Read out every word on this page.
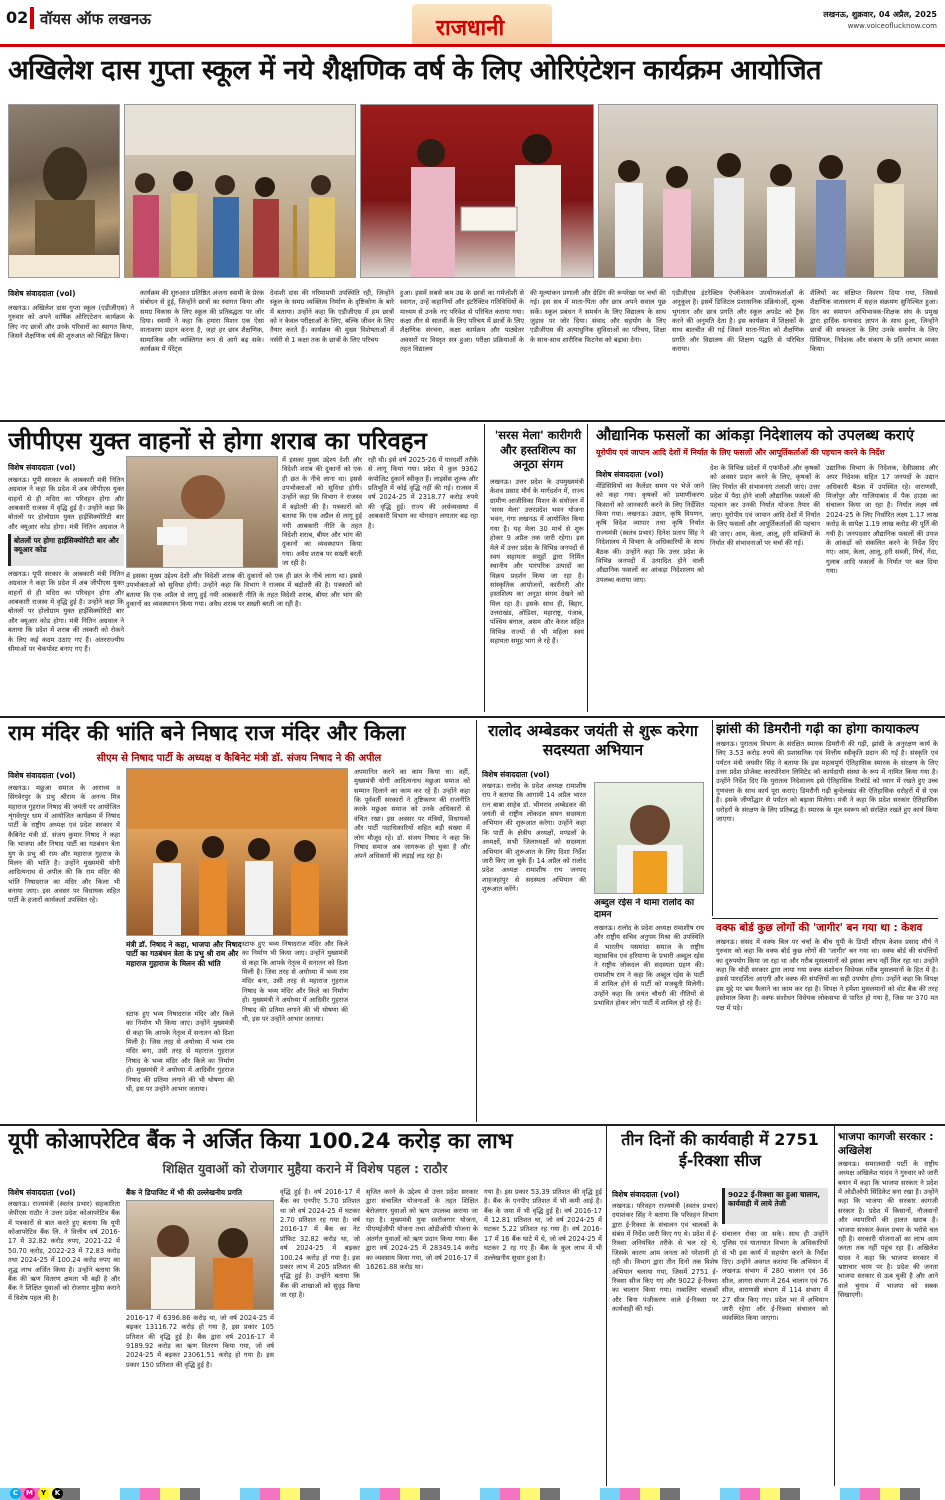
02 वॉयस ऑफ लखनऊ	राजधानी
लखनऊ, शुक्रवार, 04 अप्रैल, 2025
www.voiceoflucknow.com
अखिलेश दास गुप्ता स्कूल में नये शैक्षणिक वर्ष के लिए ओरिएंटेशन कार्यक्रम आयोजित
विशेष संवाददाता (vol)
लखनऊ। अखिलेश दास गुप्ता स्कूल (एडीजीएस) ने गुरुवार को अपने वार्षिक ओरिएंटेशन कार्यक्रम के लिए नए छात्रों और उनके परिवारों का स्वागत किया, जिसने शैक्षणिक वर्ष की शुरुआत को चिह्नित किया।
कार्यक्रम की शुरुआत प्रतिष्ठित अंजना स्वामी के प्रेरक संबोधन से हुई, जिन्होंने छात्रों का स्वागत किया और समग्र विकास के लिए स्कूल की प्रतिबद्धता पर जोर दिया। स्वामी ने कहा कि हमारा मिशन एक ऐसा वातावरण प्रदान करना है, जहां हर छात्र शैक्षणिक, सामाजिक और व्यक्तिगत रूप से आगे बढ़ सके। कार्यक्रम में पेरेंट्स
देवांशी दास की गरिमामयी उपस्थिति रही, जिन्होंने स्कूल के समग्र व्यक्तित्व निर्माण के दृष्टिकोण के बारे में बताया। उन्होंने कहा कि एडीजीएस में हम छात्रों को न केवल परीक्षाओं के लिए, बल्कि जीवन के लिए तैयार करते हैं। कार्यक्रम की मुख्य विशेषताओं में नर्सरी से 1 कक्षा तक के छात्रों के लिए परिचय
हुआ। इसमें सबसे कम उम्र के छात्रों का गर्मजोशी से स्वागत, उन्हें कहानियों और इंटरैक्टिव गतिविधियों के माध्यम से उनके नए परिवेश से परिचित कराया गया। कक्षा तीन से सातवीं के लिए परिचय में छात्रों के लिए शैक्षणिक संरचना, कक्षा कार्यक्रम और पाठ्येतर अवसरों पर विस्तृत सत्र हुआ। परीक्षा प्रक्रियाओं के तहत विद्यालय
की मूल्यांकन प्रणाली और ग्रेडिंग की रूपरेखा पर चर्चा की गई। इस सत्र में माता-पिता और छात्र अपने सवाल पूछ सकें। स्कूल प्रबंधन ने समर्थन के लिए विद्यालय के साथ जुड़ाव पर जोर दिया। संवाद और सहयोग के लिए एडीजीएस की अत्याधुनिक सुविधाओं का परिचय, शिक्षा के साथ-साथ शारीरिक फिटनेस को बढ़ावा देना।
एडीजीएस इंटरेक्टिव ऐप्लीकेशन उपयोगकर्ताओं के अनुकूल है। इसमें डिजिटल प्रशासनिक प्रक्रियाओं, शुल्क भुगतान और छात्र प्रगति और स्कूल अपडेट को ट्रैक करने की अनुमति देता है। इस कार्यक्रम में शिक्षकों के साथ बातचीत की गई जिसने माता-पिता को शैक्षणिक प्रगति और विद्यालय की शिक्षण पद्धति से परिचित कराया।
शैलियों का संक्षिप्त विवरण दिया गया, जिससे शैक्षणिक वातावरण में सहज संक्रमण सुनिश्चित हुआ। दिन का समापन अभिभावक-शिक्षक संघ के प्रमुख द्वारा हार्दिक धन्यवाद ज्ञापन के साथ हुआ, जिन्होंने छात्रों की सफलता के लिए उनके समर्पण के लिए प्रिंसिपल, निदेशक और संकाय के प्रति आभार व्यक्त किया।
जीपीएस युक्त वाहनों से होगा शराब का परिवहन
विशेष संवाददाता (vol)
बोतलों पर होगा हाईसिक्योरिटी बार और क्यूआर कोड
लखनऊ। यूपी सरकार के आबकारी मंत्री नितिन अग्रवाल ने कहा कि प्रदेश में अब जीपीएस युक्त वाहनों से ही मदिरा का परिवहन होगा और आबकारी राजस्व में वृद्धि हुई है। उन्होंने कहा कि बोतलों पर होलोग्राम युक्त हाईसिक्योरिटी बार और क्यूआर कोड होगा। मंत्री नितिन अग्रवाल ने
लखनऊ। यूपी सरकार के आबकारी मंत्री नितिन अग्रवाल ने कहा कि प्रदेश में अब जीपीएस युक्त वाहनों से ही मदिरा का परिवहन होगा और आबकारी राजस्व में वृद्धि हुई है। उन्होंने कहा कि बोतलों पर होलोग्राम युक्त हाईसिक्योरिटी बार और क्यूआर कोड होगा। मंत्री नितिन अग्रवाल ने बताया कि प्रदेश में शराब की तस्करी को रोकने के लिए कई कदम उठाए गए हैं। अंतरराज्यीय सीमाओं पर चेकपोस्ट बनाए गए हैं।
में इसका मुख्य उद्देश्य देशी और विदेशी शराब की दुकानों को एक ही छत के नीचे लाना था। इससे उपभोक्ताओं को सुविधा होगी। उन्होंने कहा कि विभाग ने राजस्व में बढ़ोतरी की है। पत्रकारों को बताया कि एक अप्रैल से लागू हुई नयी आबकारी नीति के तहत विदेशी शराब, बीयर और भांग की दुकानों का व्यवस्थापन किया गया। अवैध शराब पर सख्ती बरती जा रही है।
में इसका मुख्य उद्देश्य देशी और विदेशी शराब की दुकानों को एक ही छत के नीचे लाना था। इससे उपभोक्ताओं को सुविधा होगी। उन्होंने कहा कि विभाग ने राजस्व में बढ़ोतरी की है। पत्रकारों को बताया कि एक अप्रैल से लागू हुई नयी आबकारी नीति के तहत विदेशी शराब, बीयर और भांग की दुकानों का व्यवस्थापन किया गया। अवैध शराब पर सख्ती बरती जा रही है।
रही थी। इसे वर्ष 2025-26 में पारदर्शी तरीके से लागू किया गया। प्रदेश में कुल 9362 कंपोजिट दुकानें स्वीकृत हैं। लाइसेंस शुल्क और प्रतिभूति में कोई वृद्धि नहीं की गई। राजस्व में वर्ष 2024-25 में 2318.77 करोड़ रुपये की वृद्धि हुई। राज्य की अर्थव्यवस्था में आबकारी विभाग का योगदान लगातार बढ़ रहा है।
'सरस मेला' कारीगरी
और हस्तशिल्प का अनूठा संगम
लखनऊ। उत्तर प्रदेश के उपमुख्यमंत्री केशव प्रसाद मौर्य के मार्गदर्शन में, राज्य ग्रामीण आजीविका मिशन के संयोजन में 'सरस मेला' उत्तरप्रदेश भवन योजना भवन, गंगा लखनऊ में आयोजित किया गया है। यह मेला 30 मार्च से शुरू होकर 9 अप्रैल तक जारी रहेगा। इस मेले में उत्तर प्रदेश के विभिन्न जनपदों से स्वयं सहायता समूहों द्वारा निर्मित स्थानीय और पारंपरिक उत्पादों का विक्रय प्रदर्शन किया जा रहा है। सांस्कृतिक आयोजनों, कारीगरी और हस्तशिल्प का अनूठा संगम देखने को मिल रहा है। इसके साथ ही, बिहार, उत्तराखंड, ओडिशा, महाराष्ट्र, पंजाब, पश्चिम बंगाल, असम और केरल सहित विभिन्न राज्यों से भी महिला स्वयं सहायता समूह भाग ले रहे हैं।
औद्यानिक फसलों का आंकड़ा निदेशालय को उपलब्ध कराएं
यूरोपीय एवं जापान आदि देशों में निर्यात के लिए फसलों और आपूर्तिकर्ताओं की पहचान करने के निर्देश
विशेष संवाददाता (vol)
मेंडिसिवियों का कैलेंडर समय पर भेजे जाने को कहा गया। कृषकों को प्रमाणीकरण किसानों को जानकारी करने के लिए निर्देशित किया गया। लखनऊ। उद्यान, कृषि विपणन, कृषि विदेश व्यापार तथा कृषि निर्यात राज्यमंत्री (स्वतंत्र प्रभार) दिनेश प्रताप सिंह ने निदेशालय में विभाग के अधिकारियों के साथ बैठक की। उन्होंने कहा कि उत्तर प्रदेश के विभिन्न जनपदों में उत्पादित होने वाली औद्यानिक फसलों का आंकड़ा निदेशालय को उपलब्ध कराया जाए।
देश के विभिन्न प्रदेशों में एफपीओ और कृषकों को अवसर प्रदान करने के लिए, कृषकों के लिए निर्यात की संभावनाएं तलाशी जाएं। उत्तर प्रदेश में पैदा होने वाली औद्यानिक फसलों की पहचान कर उनकी निर्यात योजना तैयार की जाए। यूरोपीय एवं जापान आदि देशों में निर्यात के लिए फसलों और आपूर्तिकर्ताओं की पहचान की जाए। आम, केला, आलू, हरी सब्जियों के निर्यात की संभावनाओं पर चर्चा की गई।
उद्यानिक विभाग के निदेशक, देवीप्रसाद और अपर निदेशक सहित 17 जनपदों के उद्यान अधिकारी बैठक में उपस्थित रहे। वाराणसी, मिर्जापुर और गाजियाबाद में पैक हाउस का संचालन किया जा रहा है। निर्यात लक्ष्य वर्ष 2024-25 के लिए निर्धारित लक्ष्य 1.17 लाख करोड़ के सापेक्ष 1.19 लाख करोड़ की पूर्ति की गयी है। जनपदवार औद्यानिक फसलों की उपज के आंकड़ों को संकलित करने के निर्देश दिए गए। आम, केला, आलू, हरी सब्जी, मिर्च, गेंदा, गुलाब आदि फसलों के निर्यात पर बल दिया गया।
राम मंदिर की भांति बने निषाद राज मंदिर और किला
सीएम से निषाद पार्टी के अध्यक्ष व कैबिनेट मंत्री डॉ. संजय निषाद ने की अपील
विशेष संवाददाता (vol)
लखनऊ। मछुआ समाज के आराध्य व सिंगवेरपुर के प्रभु श्रीराम के अनन्य मित्र महाराज गुहराज निषाद की जयंती पर आयोजित शृंगवेरपुर धाम में आयोजित कार्यक्रम में निषाद पार्टी के राष्ट्रीय अध्यक्ष एवं प्रदेश सरकार में कैबिनेट मंत्री डॉ. संजय कुमार निषाद ने कहा कि भाजपा और निषाद पार्टी का गठबंधन त्रेता युग के प्रभु श्री राम और महाराज गुहराज के मिलन की भांति है। उन्होंने मुख्यमंत्री योगी आदित्यनाथ से अपील की कि राम मंदिर की भांति निषादराज का मंदिर और किला भी बनाया जाए। इस अवसर पर विधायक सहित पार्टी के हजारों कार्यकर्ता उपस्थित रहे।
मंत्री डॉ. निषाद ने कहा, भाजपा और निषाद पार्टी का गठबंधन त्रेता के प्रभु श्री राम और महाराज गुहाराज के मिलन की भांति
स्टाफ हुए भव्य निषादराज मंदिर और किले का निर्माण भी किया जाए। उन्होंने मुख्यमंत्री से कहा कि आपके नेतृत्व में सनातन को दिशा मिली है। जिस तरह से अयोध्या में भव्य राम मंदिर बना, उसी तरह से महाराज गुहराज निषाद के भव्य मंदिर और किले का निर्माण हो। मुख्यमंत्री ने अयोध्या में आदिवीर गुहराज निषाद की प्रतिमा लगाने की भी घोषणा की थी, इस पर उन्होंने आभार जताया।
स्टाफ हुए भव्य निषादराज मंदिर और किले का निर्माण भी किया जाए। उन्होंने मुख्यमंत्री से कहा कि आपके नेतृत्व में सनातन को दिशा मिली है। जिस तरह से अयोध्या में भव्य राम मंदिर बना, उसी तरह से महाराज गुहराज निषाद के भव्य मंदिर और किले का निर्माण हो। मुख्यमंत्री ने अयोध्या में आदिवीर गुहराज निषाद की प्रतिमा लगाने की भी घोषणा की थी, इस पर उन्होंने आभार जताया।
अपमानित करने का काम किया था। वहीं, मुख्यमंत्री योगी आदित्यनाथ मछुआ समाज को सम्मान दिलाने का काम कर रहे हैं। उन्होंने कहा कि पूर्ववर्ती सरकारों ने तुष्टिकरण की राजनीति करके मछुआ समाज को उनके अधिकारों से वंचित रखा। इस अवसर पर मंत्रियों, विधायकों और पार्टी पदाधिकारियों सहित बड़ी संख्या में लोग मौजूद रहे। डॉ. संजय निषाद ने कहा कि निषाद समाज अब जागरूक हो चुका है और अपने अधिकारों की लड़ाई लड़ रहा है।
रालोद अम्बेडकर जयंती से शुरू करेगा सदस्यता अभियान
विशेष संवाददाता (vol)
लखनऊ। रालोद के प्रदेश अध्यक्ष रामाशीष राय ने बताया कि आगामी 14 अप्रैल भारत रत्न बाबा साहेब डॉ. भीमराव अम्बेडकर की जयंती से राष्ट्रीय लोकदल सघन सदस्यता अभियान की शुरूआत करेगा। उन्होंने कहा कि पार्टी के क्षेत्रीय अध्यक्षों, मण्डलों के अध्यक्षों, सभी जिलाध्यक्षों को सदस्यता अभियान की शुरूआत के लिए दिशा निर्देश जारी किए जा चुके हैं। 14 अप्रैल को रालोद प्रदेश अध्यक्ष रामाशीष राय जनपद शाहजहांपुर से सदस्यता अभियान की शुरूआत करेंगे।
अब्दुल रईस ने थामा रालोद का दामन
लखनऊ। रालोद के प्रदेश अध्यक्ष रामाशीष राय और राष्ट्रीय सचिव अनुपम मिश्रा की उपस्थिति में भारतीय पसमांदा समाज के राष्ट्रीय महासचिव एवं हरियाणा के प्रभारी अब्दुल रईस ने राष्ट्रीय लोकदल की सदस्यता ग्रहण की। रामाशीष राय ने कहा कि अब्दुल रईस के पार्टी में शामिल होने से पार्टी को मजबूती मिलेगी। उन्होंने कहा कि जयंत चौधरी की नीतियों से प्रभावित होकर लोग पार्टी में शामिल हो रहे हैं।
झांसी की डिमरौनी गढ़ी का होगा कायाकल्प
लखनऊ। पुरातत्व विभाग के संरक्षित स्मारक डिमरौनी की गढ़ी, झांसी के अनुरक्षण कार्य के लिए 3.53 करोड़ रुपये की प्रशासनिक एवं वित्तीय स्वीकृति प्रदान की गई है। संस्कृति एवं पर्यटन मंत्री जयवीर सिंह ने बताया कि इस महत्वपूर्ण ऐतिहासिक स्मारक के संरक्षण के लिए उत्तर प्रदेश प्रोजेक्ट कारपोरेशन लिमिटेड को कार्यदायी संस्था के रूप में नामित किया गया है। उन्होंने निर्देश दिए कि पुरातत्व निदेशालय इसे ऐतिहासिक रिकॉर्ड को ध्यान में रखते हुए उच्च गुणवत्ता के साथ कार्य पूरा कराएं। डिमरौनी गढ़ी बुन्देलखंड की ऐतिहासिक धरोहरों में से एक है। इसके जीर्णोद्धार से पर्यटन को बढ़ावा मिलेगा। मंत्री ने कहा कि प्रदेश सरकार ऐतिहासिक धरोहरों के संरक्षण के लिए प्रतिबद्ध है। स्मारक के मूल स्वरूप को संरक्षित रखते हुए कार्य किया जाएगा।
वक्फ बोर्ड कुछ लोगों की 'जागीर' बन गया था : केशव
लखनऊ। संसद में वक्फ बिल पर चर्चा के बीच यूपी के डिप्टी सीएम केशव प्रसाद मौर्य ने गुरुवार को कहा कि वक्फ बोर्ड कुछ लोगों की 'जागीर' बन गया था। वक्फ बोर्ड की संपत्तियों का दुरुपयोग किया जा रहा था और गरीब मुसलमानों को इसका लाभ नहीं मिल रहा था। उन्होंने कहा कि मोदी सरकार द्वारा लाया गया वक्फ संशोधन विधेयक गरीब मुसलमानों के हित में है। इससे पारदर्शिता आएगी और वक्फ की संपत्तियों का सही उपयोग होगा। उन्होंने कहा कि विपक्ष इस मुद्दे पर भ्रम फैलाने का काम कर रहा है। विपक्ष ने हमेशा मुसलमानों को वोट बैंक की तरह इस्तेमाल किया है। वक्फ संशोधन विधेयक लोकसभा से पारित हो गया है, जिस पर 370 मत पक्ष में पड़े।
यूपी कोआपरेटिव बैंक ने अर्जित किया 100.24 करोड़ का लाभ
शिक्षित युवाओं को रोजगार मुहैया कराने में विशेष पहल : राठौर
विशेष संवाददाता (vol)
लखनऊ। राज्यमंत्री (स्वतंत्र प्रभार) सहकारिता जेपीएस राठौर ने उत्तर प्रदेश कोआपरेटिव बैंक में पत्रकारों से बात करते हुए बताया कि यूपी कोआपरेटिव बैंक लि. ने वित्तीय वर्ष 2016-17 में 32.82 करोड़ रुपए, 2021-22 में 50.70 करोड़, 2022-23 में 72.83 करोड़ तथा 2024-25 में 100.24 करोड़ रुपए का शुद्ध लाभ अर्जित किया है। उन्होंने बताया कि बैंक की ऋण वितरण क्षमता भी बढ़ी है और बैंक ने शिक्षित युवाओं को रोजगार मुहैया कराने में विशेष पहल की है।
बैंक ने डिपाजिट में भी की उल्लेखनीय प्रगति
2016-17 में 6396.86 करोड़ था, जो वर्ष 2024-25 में बढ़कर 13116.72 करोड़ हो गया है, इस प्रकार 105 प्रतिशत की वृद्धि हुई है। बैंक द्वारा वर्ष 2016-17 में 9189.92 करोड़ का ऋण वितरण किया गया, जो वर्ष 2024-25 में बढ़कर 23061.51 करोड़ हो गया है। इस प्रकार 150 प्रतिशत की वृद्धि हुई है।
वृद्धि हुई है। वर्ष 2016-17 में बैंक का एनपीए 5.70 प्रतिशत था जो वर्ष 2024-25 में घटकर 2.70 प्रतिशत रह गया है। वर्ष 2016-17 में बैंक का नेट प्रॉफिट 32.82 करोड़ था, जो वर्ष 2024-25 में बढ़कर 100.24 करोड़ हो गया है। इस प्रकार लाभ में 205 प्रतिशत की वृद्धि हुई है। उन्होंने बताया कि बैंक की शाखाओं को सुदृढ़ किया जा रहा है।
सृजित करने के उद्देश्य से उत्तर प्रदेश सरकार द्वारा संचालित योजनाओं के तहत शिक्षित बेरोजगार युवाओं को ऋण उपलब्ध कराया जा रहा है। मुख्यमंत्री युवा स्वरोजगार योजना, पीएमईजीपी योजना तथा ओडीओपी योजना के अंतर्गत युवाओं को ऋण प्रदान किया गया। बैंक द्वारा वर्ष 2024-25 में 28349.14 करोड़ का व्यवसाय किया गया, जो वर्ष 2016-17 में 16261.88 करोड़ था।
गया है। इस प्रकार 53.39 प्रतिशत की वृद्धि हुई है। बैंक के एनपीए प्रतिशत में भी कमी आई है। बैंक के जमा में भी वृद्धि हुई है। वर्ष 2016-17 में 12.81 प्रतिशत था, जो वर्ष 2024-25 में घटकर 5.22 प्रतिशत रह गया है। वर्ष 2016-17 में 16 बैंक घाटे में थे, जो वर्ष 2024-25 में घटकर 2 रह गए हैं। बैंक के कुल लाभ में भी उल्लेखनीय सुधार हुआ है।
तीन दिनों की कार्यवाही में 2751 ई-रिक्शा सीज
विशेष संवाददाता (vol)
लखनऊ। परिवहन राज्यमंत्री (स्वतंत्र प्रभार) दयाशंकर सिंह ने बताया कि परिवहन विभाग द्वारा ई-रिक्शा के संचालन एवं चालकों के संबंध में निर्देश जारी किए गए थे। प्रदेश में ई-रिक्शा अनियंत्रित तरीके से चल रहे थे, जिसके कारण आम जनता को परेशानी हो रही थी। विभाग द्वारा तीन दिनों तक विशेष अभियान चलाया गया, जिसमें 2751 ई-रिक्शा सीज किए गए और 9022 ई-रिक्शा का चालान किया गया। नाबालिग चालकों और बिना पंजीकरण वाले ई-रिक्शा पर कार्यवाही की गई।
9022 ई-रिक्शा का हुआ चालान, कार्यवाही में लाये तेजी
संचालन रोका जा सके। साथ ही उन्होंने पुलिस एवं यातायात विभाग के अधिकारियों से भी इस कार्य में सहयोग करने के निर्देश दिए। उन्होंने अवगत कराया कि अभियान में लखनऊ संभाग में 280 चालान एवं 36 सीज, आगरा संभाग में 264 चालान एवं 76 सीज, वाराणसी संभाग में 114 संभाग में 27 सीज किए गए। प्रदेश भर में अभियान जारी रहेगा और ई-रिक्शा संचालन को व्यवस्थित किया जाएगा।
भाजपा कागजी सरकार : अखिलेश
लखनऊ। समाजवादी पार्टी के राष्ट्रीय अध्यक्ष अखिलेश यादव ने गुरुवार को जारी बयान में कहा कि भाजपा सरकार ने प्रदेश में ओडीओपी सिंडिकेट बना रखा है। उन्होंने कहा कि भाजपा की सरकार कागजी सरकार है। प्रदेश में किसानों, नौजवानों और व्यापारियों की हालत खराब है। भाजपा सरकार केवल प्रचार के भरोसे चल रही है। सरकारी योजनाओं का लाभ आम जनता तक नहीं पहुंच रहा है। अखिलेश यादव ने कहा कि भाजपा सरकार में भ्रष्टाचार चरम पर है। प्रदेश की जनता भाजपा सरकार से ऊब चुकी है और आने वाले चुनाव में भाजपा को सबक सिखाएगी।
C	M	Y	K
